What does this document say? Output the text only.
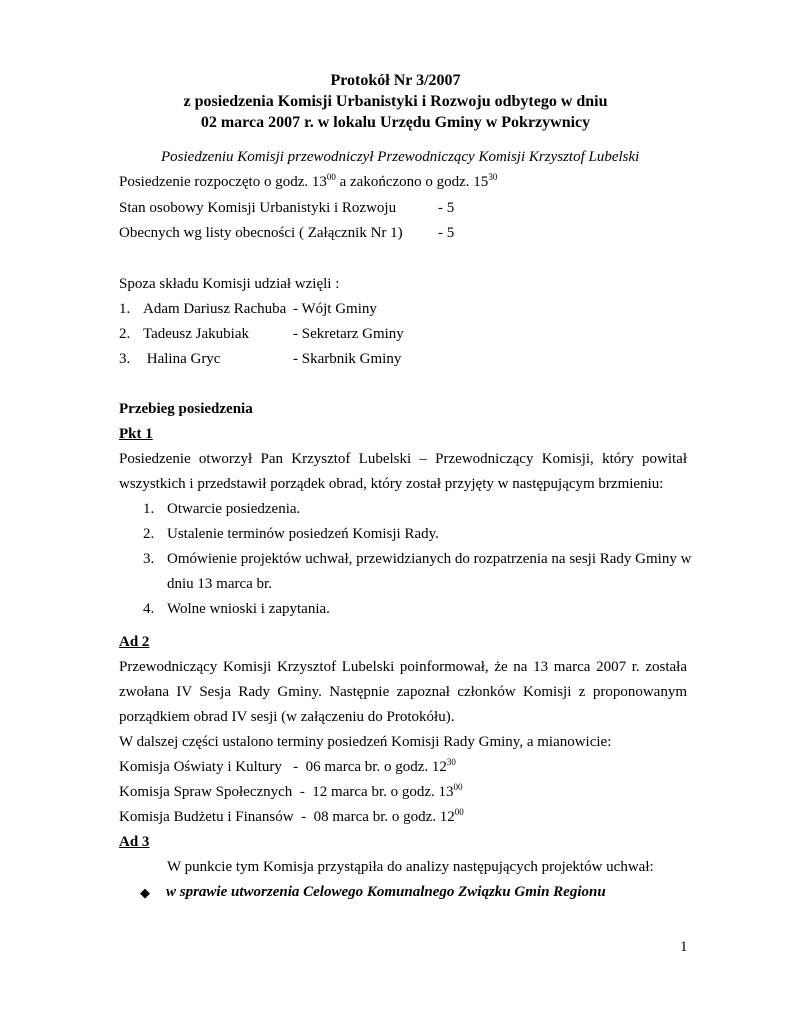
Protokół Nr 3/2007
z posiedzenia Komisji Urbanistyki i Rozwoju odbytego w dniu
02 marca 2007 r. w lokalu Urzędu Gminy w Pokrzywnicy
Posiedzeniu Komisji przewodniczył Przewodniczący Komisji Krzysztof Lubelski
Posiedzenie rozpoczęto o godz. $13^{00}$ a zakończono o godz. $15^{30}$
Stan osobowy Komisji Urbanistyki i Rozwoju	- 5
Obecnych wg listy obecności ( Załącznik Nr 1) - 5
Spoza składu Komisji udział wzięli :
1. Adam Dariusz Rachuba - Wójt Gminy
2. Tadeusz Jakubiak	- Sekretarz Gminy
3. Halina Gryc	- Skarbnik Gminy
Przebieg posiedzenia
Pkt 1
Posiedzenie otworzył Pan Krzysztof Lubelski – Przewodniczący Komisji, który powitał
wszystkich i przedstawił porządek obrad, który został przyjęty w następującym brzmieniu:
1. Otwarcie posiedzenia.
2. Ustalenie terminów posiedzeń Komisji Rady.
3. Omówienie projektów uchwał, przewidzianych do rozpatrzenia na sesji Rady Gminy w
dniu 13 marca br.
4. Wolne wnioski i zapytania.
Ad 2
Przewodniczący Komisji Krzysztof Lubelski poinformował, że na 13 marca 2007 r. została
zwołana IV Sesja Rady Gminy. Następnie zapoznał członków Komisji z proponowanym
porządkiem obrad IV sesji (w załączeniu do Protokółu).
W dalszej części ustalono terminy posiedzeń Komisji Rady Gminy, a mianowicie:
Komisja Oświaty i Kultury   -  06 marca br. o godz. $12^{30}$
Komisja Spraw Społecznych  -  12 marca br. o godz. $13^{00}$
Komisja Budżetu i Finansów  -  08 marca br. o godz. $12^{00}$
Ad 3
W punkcie tym Komisja przystąpiła do analizy następujących projektów uchwał:
◆ w sprawie utworzenia Celowego Komunalnego Związku Gmin Regionu
1
